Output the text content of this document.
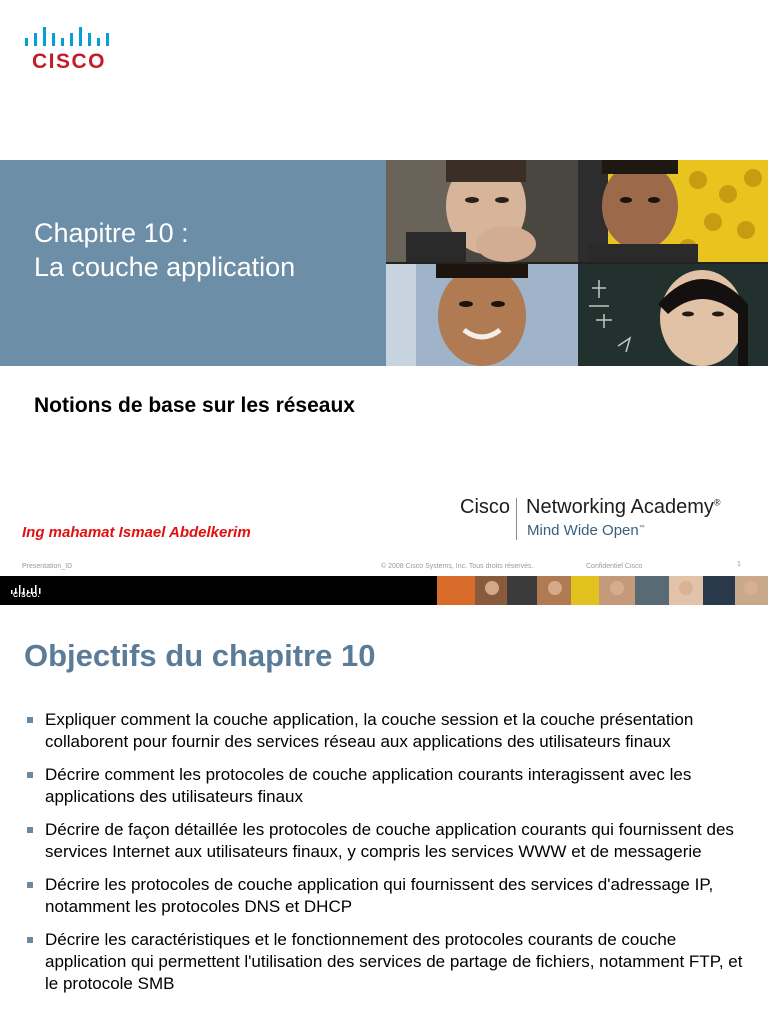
CISCO
Chapitre 10 :
La couche application
Notions de base sur les réseaux
Ing mahamat Ismael Abdelkerim
Cisco Networking Academy®
Mind Wide Open™
Presentation_ID	© 2008 Cisco Systems, Inc. Tous droits réservés.	Confidentiel Cisco	1
CISCO.
Objectifs du chapitre 10
Expliquer comment la couche application, la couche session et la couche présentation collaborent pour fournir des services réseau aux applications des utilisateurs finaux
Décrire comment les protocoles de couche application courants interagissent avec les applications des utilisateurs finaux
Décrire de façon détaillée les protocoles de couche application courants qui fournissent des services Internet aux utilisateurs finaux, y compris les services WWW et de messagerie
Décrire les protocoles de couche application qui fournissent des services d'adressage IP, notamment les protocoles DNS et DHCP
Décrire les caractéristiques et le fonctionnement des protocoles courants de couche application qui permettent l'utilisation des services de partage de fichiers, notamment FTP, et le protocole SMB
